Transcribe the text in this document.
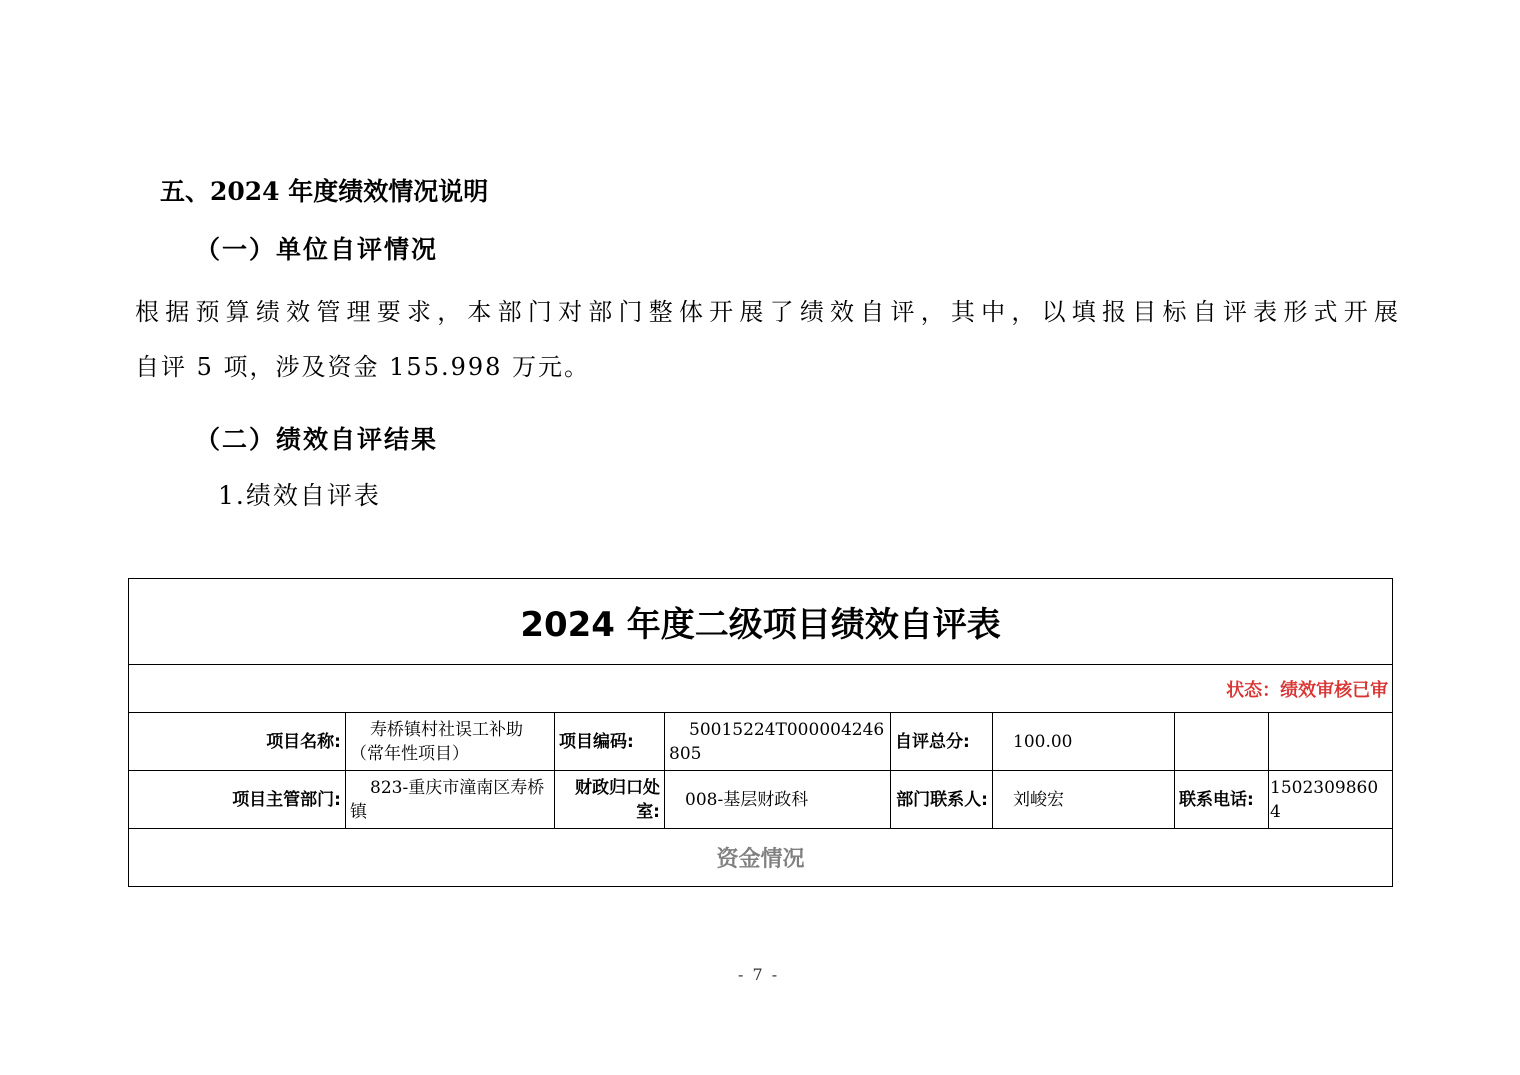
五、2024 年度绩效情况说明
（一）单位自评情况
根据预算绩效管理要求，本部门对部门整体开展了绩效自评，其中，以填报目标自评表形式开展
自评 5 项，涉及资金 155.998 万元。
（二）绩效自评结果
1.绩效自评表
2024 年度二级项目绩效自评表							
状态：绩效审核已审							
项目名称:	寿桥镇村社误工补助（常年性项目）	项目编码:	50015224T000004246805	自评总分:	100.00		
项目主管部门:	823-重庆市潼南区寿桥镇	财政归口处室:	008-基层财政科	部门联系人:	刘峻宏	联系电话:	15023098604
资金情况							
- 7 -
